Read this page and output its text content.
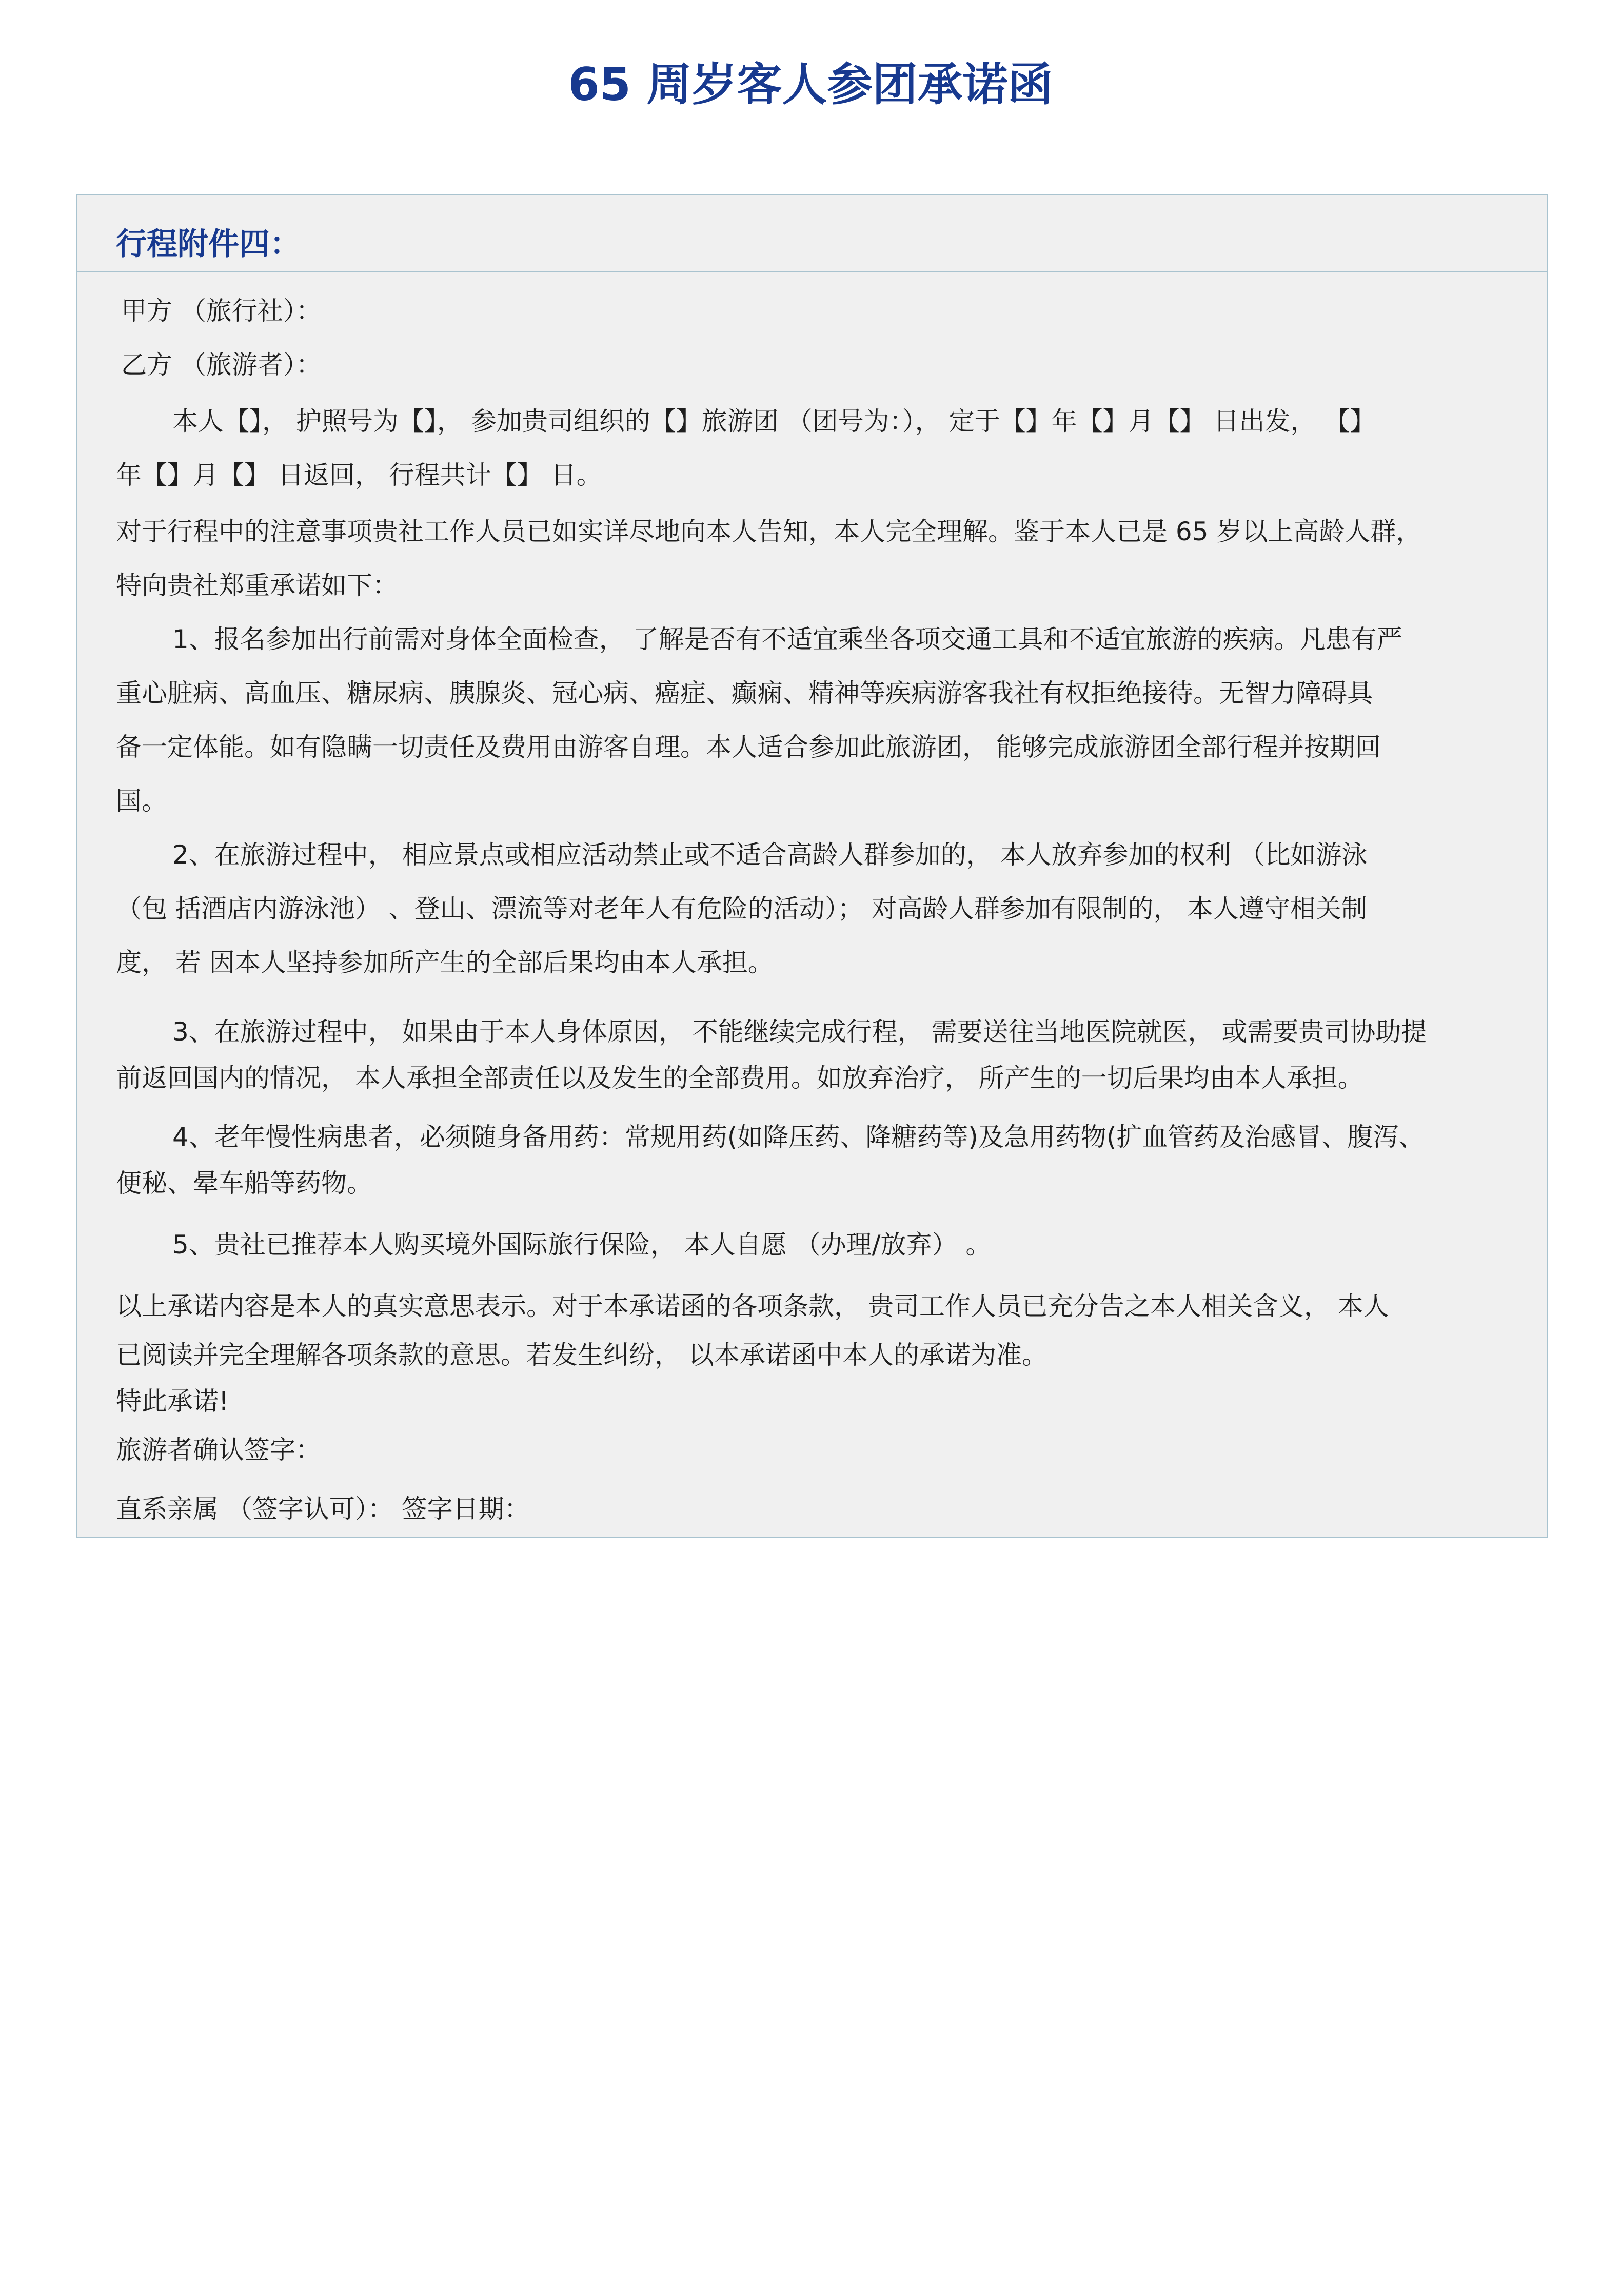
65 周岁客人参团承诺函
行程附件四：
甲方 （旅行社）：
乙方 （旅游者）：
本人【】， 护照号为【】， 参加贵司组织的【】旅游团 （团号为：）， 定于【】年【】月【】 日出发， 【】
年【】月【】 日返回， 行程共计【】 日。
对于行程中的注意事项贵社工作人员已如实详尽地向本人告知，本人完全理解。鉴于本人已是 65 岁以上高龄人群，
特向贵社郑重承诺如下：
1、报名参加出行前需对身体全面检查， 了解是否有不适宜乘坐各项交通工具和不适宜旅游的疾病。凡患有严
重心脏病、高血压、糖尿病、胰腺炎、冠心病、癌症、癫痫、精神等疾病游客我社有权拒绝接待。无智力障碍具
备一定体能。如有隐瞒一切责任及费用由游客自理。本人适合参加此旅游团， 能够完成旅游团全部行程并按期回
国。
2、在旅游过程中， 相应景点或相应活动禁止或不适合高龄人群参加的， 本人放弃参加的权利 （比如游泳
（包 括酒店内游泳池） 、登山、漂流等对老年人有危险的活动）； 对高龄人群参加有限制的， 本人遵守相关制
度， 若 因本人坚持参加所产生的全部后果均由本人承担。
3、在旅游过程中， 如果由于本人身体原因， 不能继续完成行程， 需要送往当地医院就医， 或需要贵司协助提
前返回国内的情况， 本人承担全部责任以及发生的全部费用。如放弃治疗， 所产生的一切后果均由本人承担。
4、老年慢性病患者，必须随身备用药：常规用药(如降压药、降糖药等)及急用药物(扩血管药及治感冒、腹泻、
便秘、晕车船等药物。
5、贵社已推荐本人购买境外国际旅行保险， 本人自愿 （办理/放弃） 。
以上承诺内容是本人的真实意思表示。对于本承诺函的各项条款， 贵司工作人员已充分告之本人相关含义， 本人
已阅读并完全理解各项条款的意思。若发生纠纷， 以本承诺函中本人的承诺为准。
特此承诺!
旅游者确认签字：
直系亲属 （签字认可）： 签字日期：
